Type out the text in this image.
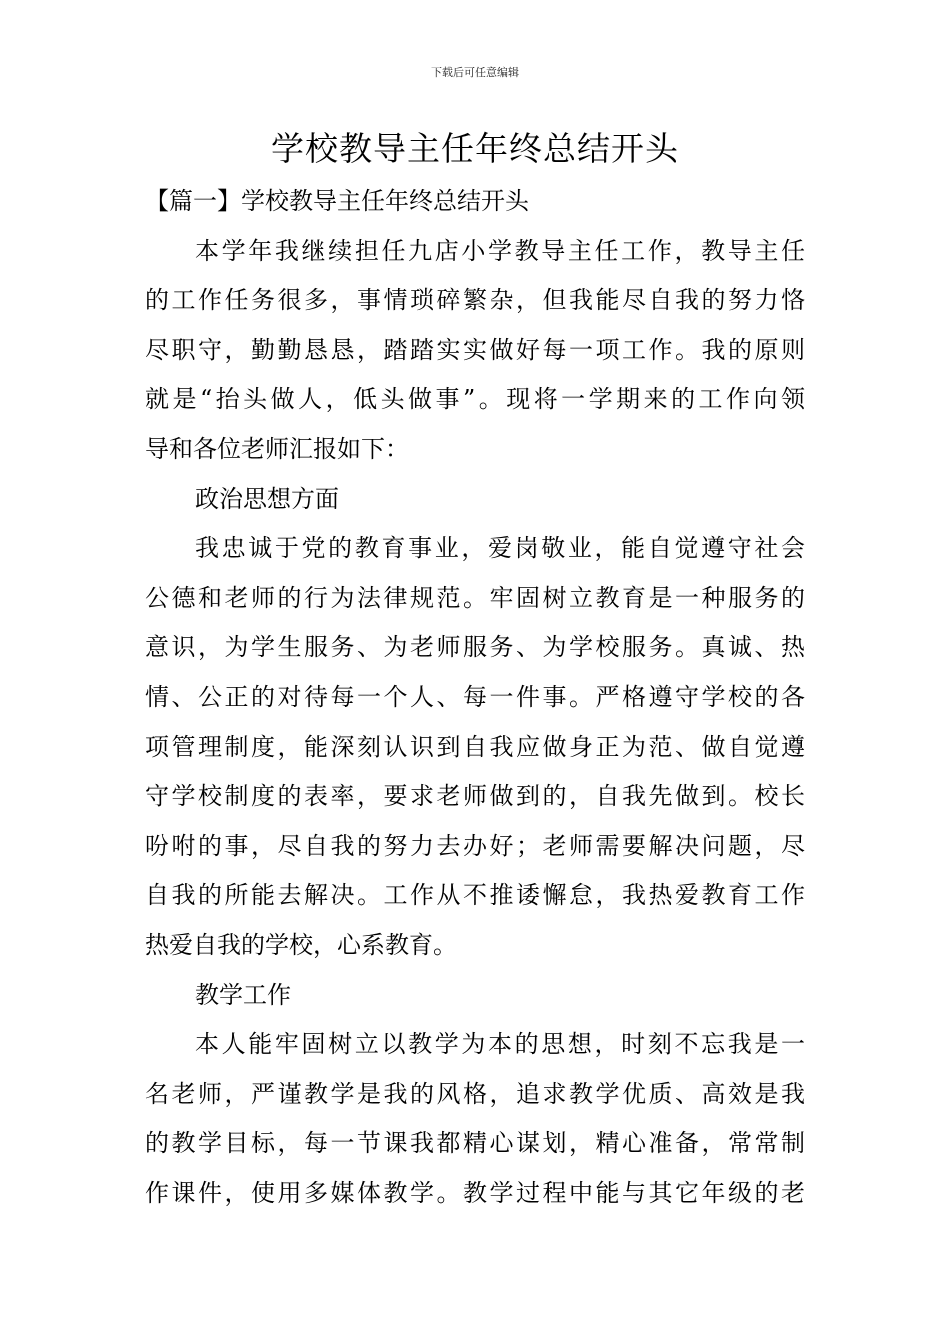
下载后可任意编辑
学校教导主任年终总结开头

【篇一】学校教导主任年终总结开头

本学年我继续担任九店小学教导主任工作，教导主任

的工作任务很多，事情琐碎繁杂，但我能尽自我的努力恪

尽职守，勤勤恳恳，踏踏实实做好每一项工作。我的原则

就是“抬头做人，低头做事”。现将一学期来的工作向领

导和各位老师汇报如下：

政治思想方面

我忠诚于党的教育事业，爱岗敬业，能自觉遵守社会

公德和老师的行为法律规范。牢固树立教育是一种服务的

意识，为学生服务、为老师服务、为学校服务。真诚、热

情、公正的对待每一个人、每一件事。严格遵守学校的各

项管理制度，能深刻认识到自我应做身正为范、做自觉遵

守学校制度的表率，要求老师做到的，自我先做到。校长

吩咐的事，尽自我的努力去办好；老师需要解决问题，尽

自我的所能去解决。工作从不推诿懈怠，我热爱教育工作

热爱自我的学校，心系教育。

教学工作

本人能牢固树立以教学为本的思想，时刻不忘我是一

名老师，严谨教学是我的风格，追求教学优质、高效是我

的教学目标，每一节课我都精心谋划，精心准备，常常制

作课件，使用多媒体教学。教学过程中能与其它年级的老
